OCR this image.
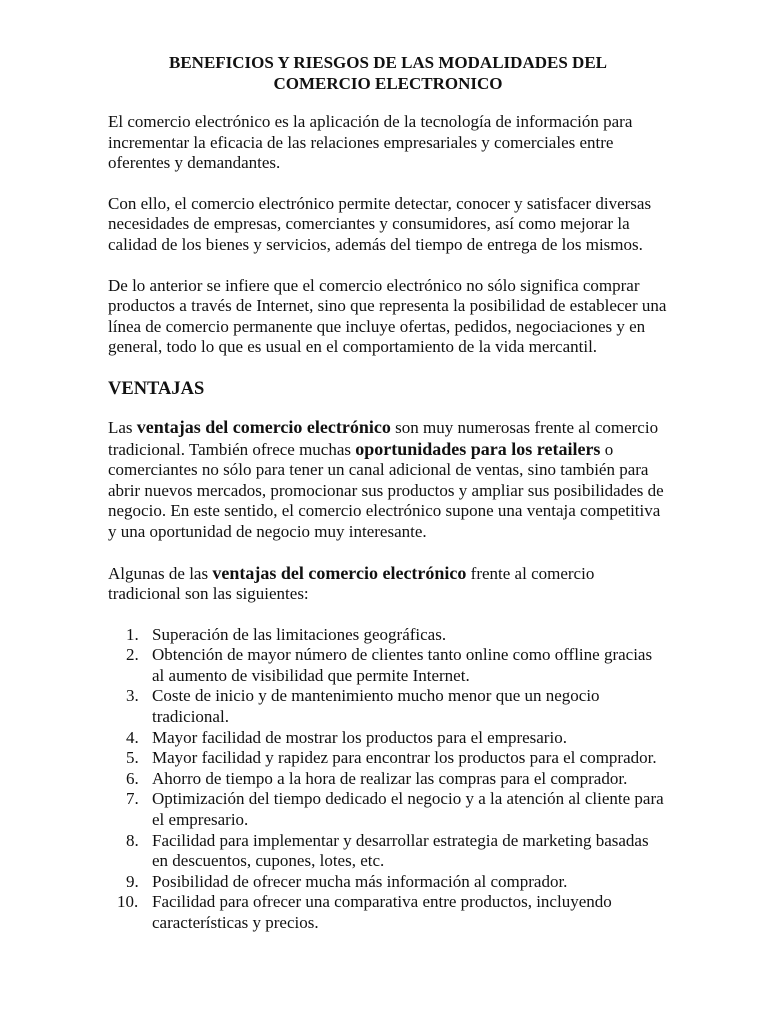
BENEFICIOS Y RIESGOS DE LAS MODALIDADES DEL
COMERCIO ELECTRONICO

El comercio electrónico es la aplicación de la tecnología de información para incrementar la eficacia de las relaciones empresariales y comerciales entre oferentes y demandantes.

Con ello, el comercio electrónico permite detectar, conocer y satisfacer diversas necesidades de empresas, comerciantes y consumidores, así como mejorar la calidad de los bienes y servicios, además del tiempo de entrega de los mismos.

De lo anterior se infiere que el comercio electrónico no sólo significa comprar productos a través de Internet, sino que representa la posibilidad de establecer una línea de comercio permanente que incluye ofertas, pedidos, negociaciones y en general, todo lo que es usual en el comportamiento de la vida mercantil.

VENTAJAS

Las ventajas del comercio electrónico son muy numerosas frente al comercio tradicional. También ofrece muchas oportunidades para los retailers o comerciantes no sólo para tener un canal adicional de ventas, sino también para abrir nuevos mercados, promocionar sus productos y ampliar sus posibilidades de negocio. En este sentido, el comercio electrónico supone una ventaja competitiva y una oportunidad de negocio muy interesante.

Algunas de las ventajas del comercio electrónico frente al comercio tradicional son las siguientes:

1. Superación de las limitaciones geográficas.
2. Obtención de mayor número de clientes tanto online como offline gracias al aumento de visibilidad que permite Internet.
3. Coste de inicio y de mantenimiento mucho menor que un negocio tradicional.
4. Mayor facilidad de mostrar los productos para el empresario.
5. Mayor facilidad y rapidez para encontrar los productos para el comprador.
6. Ahorro de tiempo a la hora de realizar las compras para el comprador.
7. Optimización del tiempo dedicado el negocio y a la atención al cliente para el empresario.
8. Facilidad para implementar y desarrollar estrategia de marketing basadas en descuentos, cupones, lotes, etc.
9. Posibilidad de ofrecer mucha más información al comprador.
10. Facilidad para ofrecer una comparativa entre productos, incluyendo características y precios.
